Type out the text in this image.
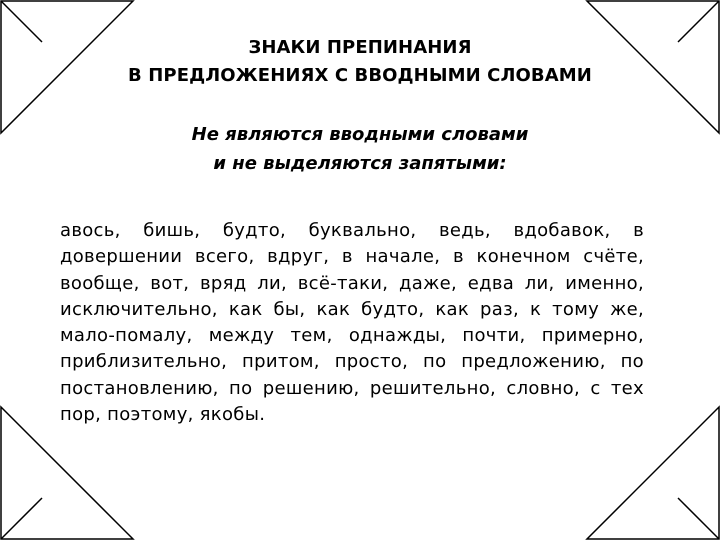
ЗНАКИ ПРЕПИНАНИЯ
В ПРЕДЛОЖЕНИЯХ С ВВОДНЫМИ СЛОВАМИ
Не являются вводными словами
и не выделяются запятыми:
авось, бишь, будто, буквально, ведь, вдобавок, в довершении всего, вдруг, в начале, в конечном счёте, вообще, вот, вряд ли, всё-таки, даже, едва ли, именно, исключительно, как бы, как будто, как раз, к тому же, мало-помалу, между тем, однажды, почти, примерно, приблизительно, притом, просто, по предложению, по постановлению, по решению, решительно, словно, с тех пор, поэтому, якобы.
